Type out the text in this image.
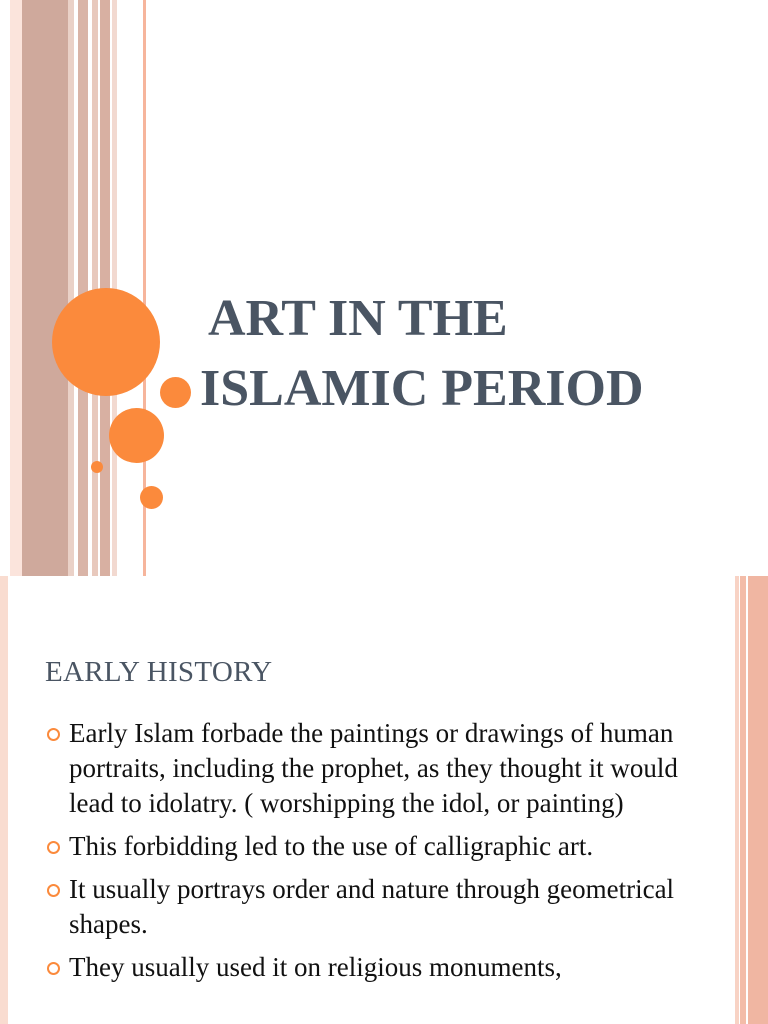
ART IN THE
ISLAMIC PERIOD
EARLY HISTORY
Early Islam forbade the paintings or drawings of human portraits, including the prophet, as they thought it would lead to idolatry. ( worshipping the idol, or painting)
This forbidding led to the use of calligraphic art.
It usually portrays order and nature through geometrical shapes.
They usually used it on religious monuments,
